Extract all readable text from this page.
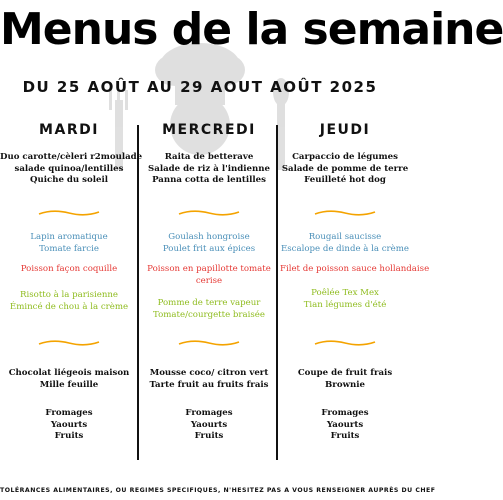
Menus de la semaine
DU 25 AOÛT AU 29 AOUT AOÛT 2025
MARDI
Duo carotte/cèleri r2moulade
salade quinoa/lentilles
Quiche du soleil
Lapin aromatique
Tomate farcie
Poisson façon coquille
Risotto à la parisienne
Émincé de chou à la crème
Chocolat liégeois maison
Mille feuille
Fromages
Yaourts
Fruits
MERCREDI
Raita de betterave
Salade de riz à l'indienne
Panna cotta de lentilles
Goulash hongroise
Poulet frit aux épices
Poisson en papillotte tomate
cerise
Pomme de terre vapeur
Tomate/courgette braisée
Mousse coco/ citron vert
Tarte fruit au fruits frais
Fromages
Yaourts
Fruits
JEUDI
Carpaccio de légumes
Salade de pomme de terre
Feuilleté hot dog
Rougail saucisse
Escalope de dinde à la crème
Filet de poisson sauce hollandaise
Poêlée Tex Mex
Tian légumes d'été
Coupe de fruit frais
Brownie
Fromages
Yaourts
Fruits
TOLÉRANCES ALIMENTAIRES, OU REGIMES SPECIFIQUES, N'HESITEZ PAS A VOUS RENSEIGNER AUPRÈS DU CHEF
